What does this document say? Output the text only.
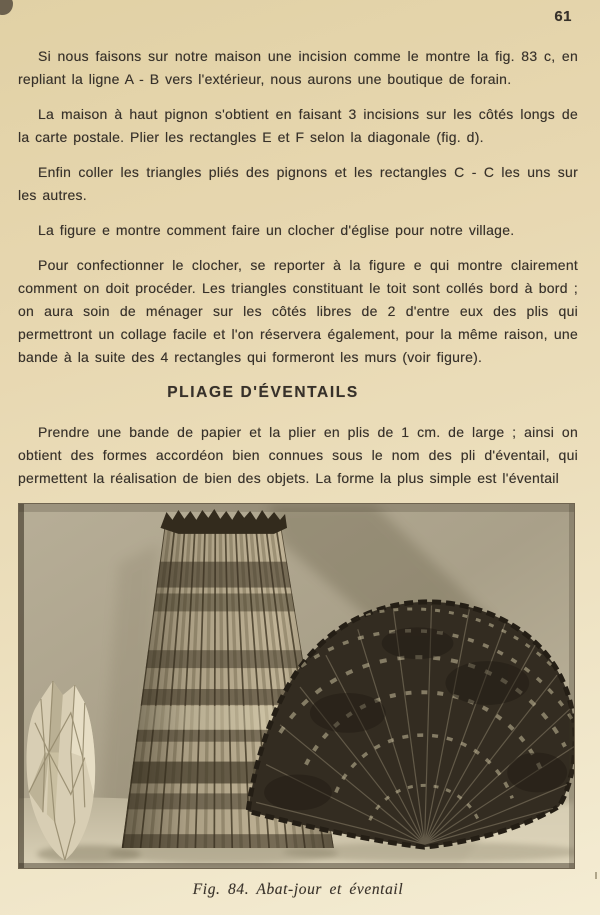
61

Si nous faisons sur notre maison une incision comme le montre la fig. 83 c, en repliant la ligne A - B vers l'extérieur, nous aurons une boutique de forain.

La maison à haut pignon s'obtient en faisant 3 incisions sur les côtés longs de la carte postale. Plier les rectangles E et F selon la diagonale (fig. d).

Enfin coller les triangles pliés des pignons et les rectangles C - C les uns sur les autres.

La figure e montre comment faire un clocher d'église pour notre village.

Pour confectionner le clocher, se reporter à la figure e qui montre clairement comment on doit procéder. Les triangles constituant le toit sont collés bord à bord ; on aura soin de ménager sur les côtés libres de 2 d'entre eux des plis qui permettront un collage facile et l'on réservera également, pour la même raison, une bande à la suite des 4 rectangles qui formeront les murs (voir figure).

PLIAGE D'ÉVENTAILS

Prendre une bande de papier et la plier en plis de 1 cm. de large ; ainsi on obtient des formes accordéon bien connues sous le nom des pli d'éventail, qui permettent la réalisation de bien des objets. La forme la plus simple est l'éventail

Fig. 84. Abat-jour et éventail
